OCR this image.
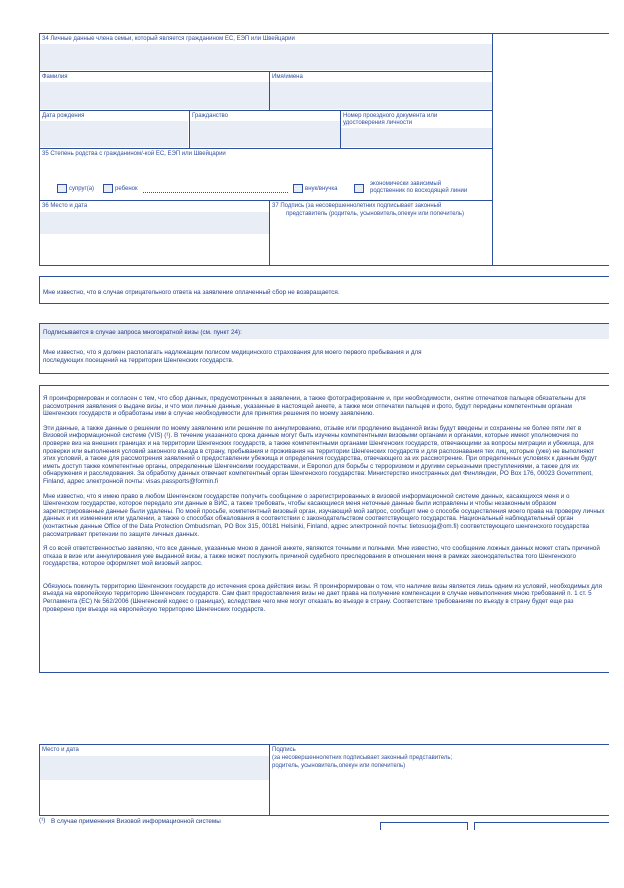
34 Личные данные члена семьи, который является гражданином ЕС, ЕЭП или Швейцарии
Фамилия	Имя/имена
Дата рождения	Гражданство	Номер проездного документа или
удостоверения личности
35 Степень родства с гражданином/-кой ЕС, ЕЭП или Швейцарии
супруг(а)	ребенок	внук/внучка
экономически зависимый
родственник по восходящей линии
36 Место и дата	37 Подпись (за несовершеннолетних подписывает законный
представитель (родитель, усыновитель,опекун или попечитель)
Мне известно, что в случае отрицательного ответа на заявление оплаченный сбор не возвращается.
Подписывается в случае запроса многократной визы (см. пункт 24):
Мне известно, что я должен располагать надлежащим полисом медицинского страхования для моего первого пребывания и для
последующих посещений на территории Шенгенских государств.

Я проинформирован и согласен с тем, что сбор данных, предусмотренных в заявлении, а также фотографирование и, при необходимости, снятие отпечатков пальцев обязательны для рассмотрения заявления о выдаче визы, и что мои личные данные, указанные в настоящей анкете, а также мои отпечатки пальцев и фото, будут переданы компетентным органам Шенгенских государств и обработаны ими в случае необходимости для принятия решения по моему заявлению.

Эти данные, а также данные о решении по моему заявлению или решение по аннулированию, отзыве или продлению выданной визы будут введены и сохранены не более пяти лет в Визовой информационной системе (VIS) (¹). В течение указанного срока данные могут быть изучены компетентными визовыми органами и органами, которые имеют уполномочия по проверке виз на внешних границах и на территории Шенгенских государств, а также компетентными органами Шенгенских государств, отвечающими за вопросы миграции и убежища, для проверки или выполнения условий законного въезда в страну, пребывания и проживания на территории Шенгенских государств и для распознавания тех лиц, которые (уже) не выполняют этих условий, а также для рассмотрения заявлений о предоставлении убежища и определения государства, отвечающего за их рассмотрение. При определенных условиях к данным будут иметь доступ также компетентные органы, определенные Шенгенскими государствами, и Европол для борьбы с терроризмом и другими серьезными преступлениями, а также для их обнаружения и расследования. За обработку данных отвечает компетентный орган Шенгенского государства: Министерство иностранных дел Финляндии, PO Box 176, 00023 Government, Finland, адрес электронной почты: visas.passports@formin.fi

Мне известно, что я имею право в любом Шенгенском государстве получить сообщение о зарегистрированных в визовой информационной системе данных, касающихся меня и о Шенгенском государстве, которое передало эти данные в ВИС, а также требовать, чтобы касающиеся меня неточные данные были исправлены и чтобы незаконным образом зарегистрированные данные были удалены. По моей просьбе, компетентный визовый орган, изучающий мой запрос, сообщит мне о способе осуществления моего права на проверку личных данных и их изменении или удалении, а также о способах обжалования в соответствии с законодательством соответствующего государства. Национальный наблюдательный орган (контактные данные Office of the Data Protection Ombudsman, PO Box 315, 00181 Helsinki, Finland, адрес электронной почты: tietosuoja@om.fi) соответствующего шенгенского государства рассматривает претензии по защите личных данных.

Я со всей ответственностью заявляю, что все данные, указанные мною в данной анкете, являются точными и полными. Мне известно, что сообщение ложных данных может стать причиной отказа в визе или аннулирования уже выданной визы, а также может послужить причиной судебного преследования в отношении меня в рамках законодательства того Шенгенского государства, которое оформляет мой визовый запрос.

Обязуюсь покинуть территорию Шенгенских государств до истечения срока действия визы. Я проинформирован о том, что наличие визы является лишь одним из условий, необходимых для въезда на европейскую территорию Шенгенских государств. Сам факт предоставления визы не дает права на получение компенсации в случае невыполнения мною требований п. 1 ст. 5 Регламента (ЕС) № 562/2006 (Шенгенский кодекс о границах), вследствие чего мне могут отказать во въезде в страну. Соответствие требованиям по въезду в страну будет еще раз проверено при въезде на европейскую территорию Шенгенских государств.

Место и дата	Подпись
(за несовершеннолетних подписывает законный представитель;
родитель, усыновитель,опекун или попечитель)
(¹) В случае применения Визовой информационной системы
